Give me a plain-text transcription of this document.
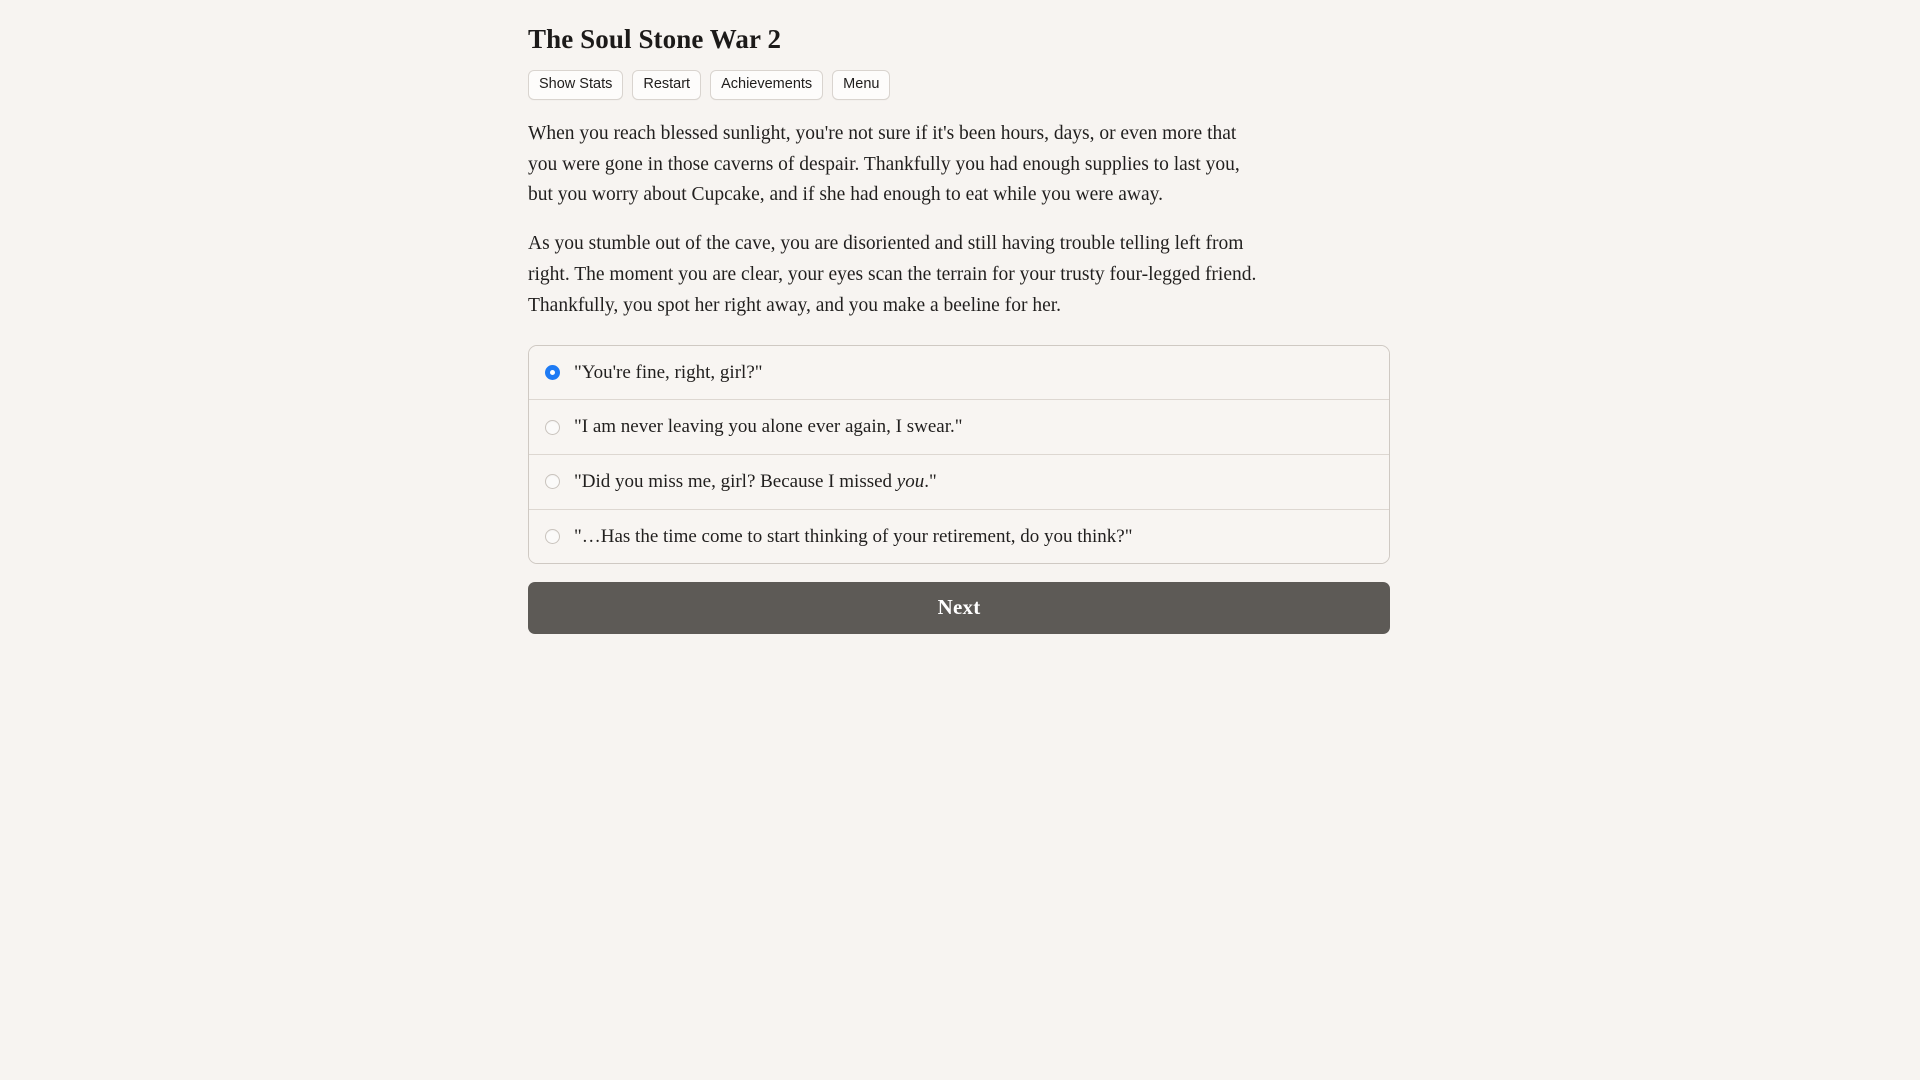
The Soul Stone War 2
Show Stats	Restart	Achievements	Menu

When you reach blessed sunlight, you're not sure if it's been hours, days, or even more that you were gone in those caverns of despair. Thankfully you had enough supplies to last you, but you worry about Cupcake, and if she had enough to eat while you were away.

As you stumble out of the cave, you are disoriented and still having trouble telling left from right. The moment you are clear, your eyes scan the terrain for your trusty four-legged friend. Thankfully, you spot her right away, and you make a beeline for her.

"You're fine, right, girl?"
"I am never leaving you alone ever again, I swear."
"Did you miss me, girl? Because I missed you."
"…Has the time come to start thinking of your retirement, do you think?"
Next
